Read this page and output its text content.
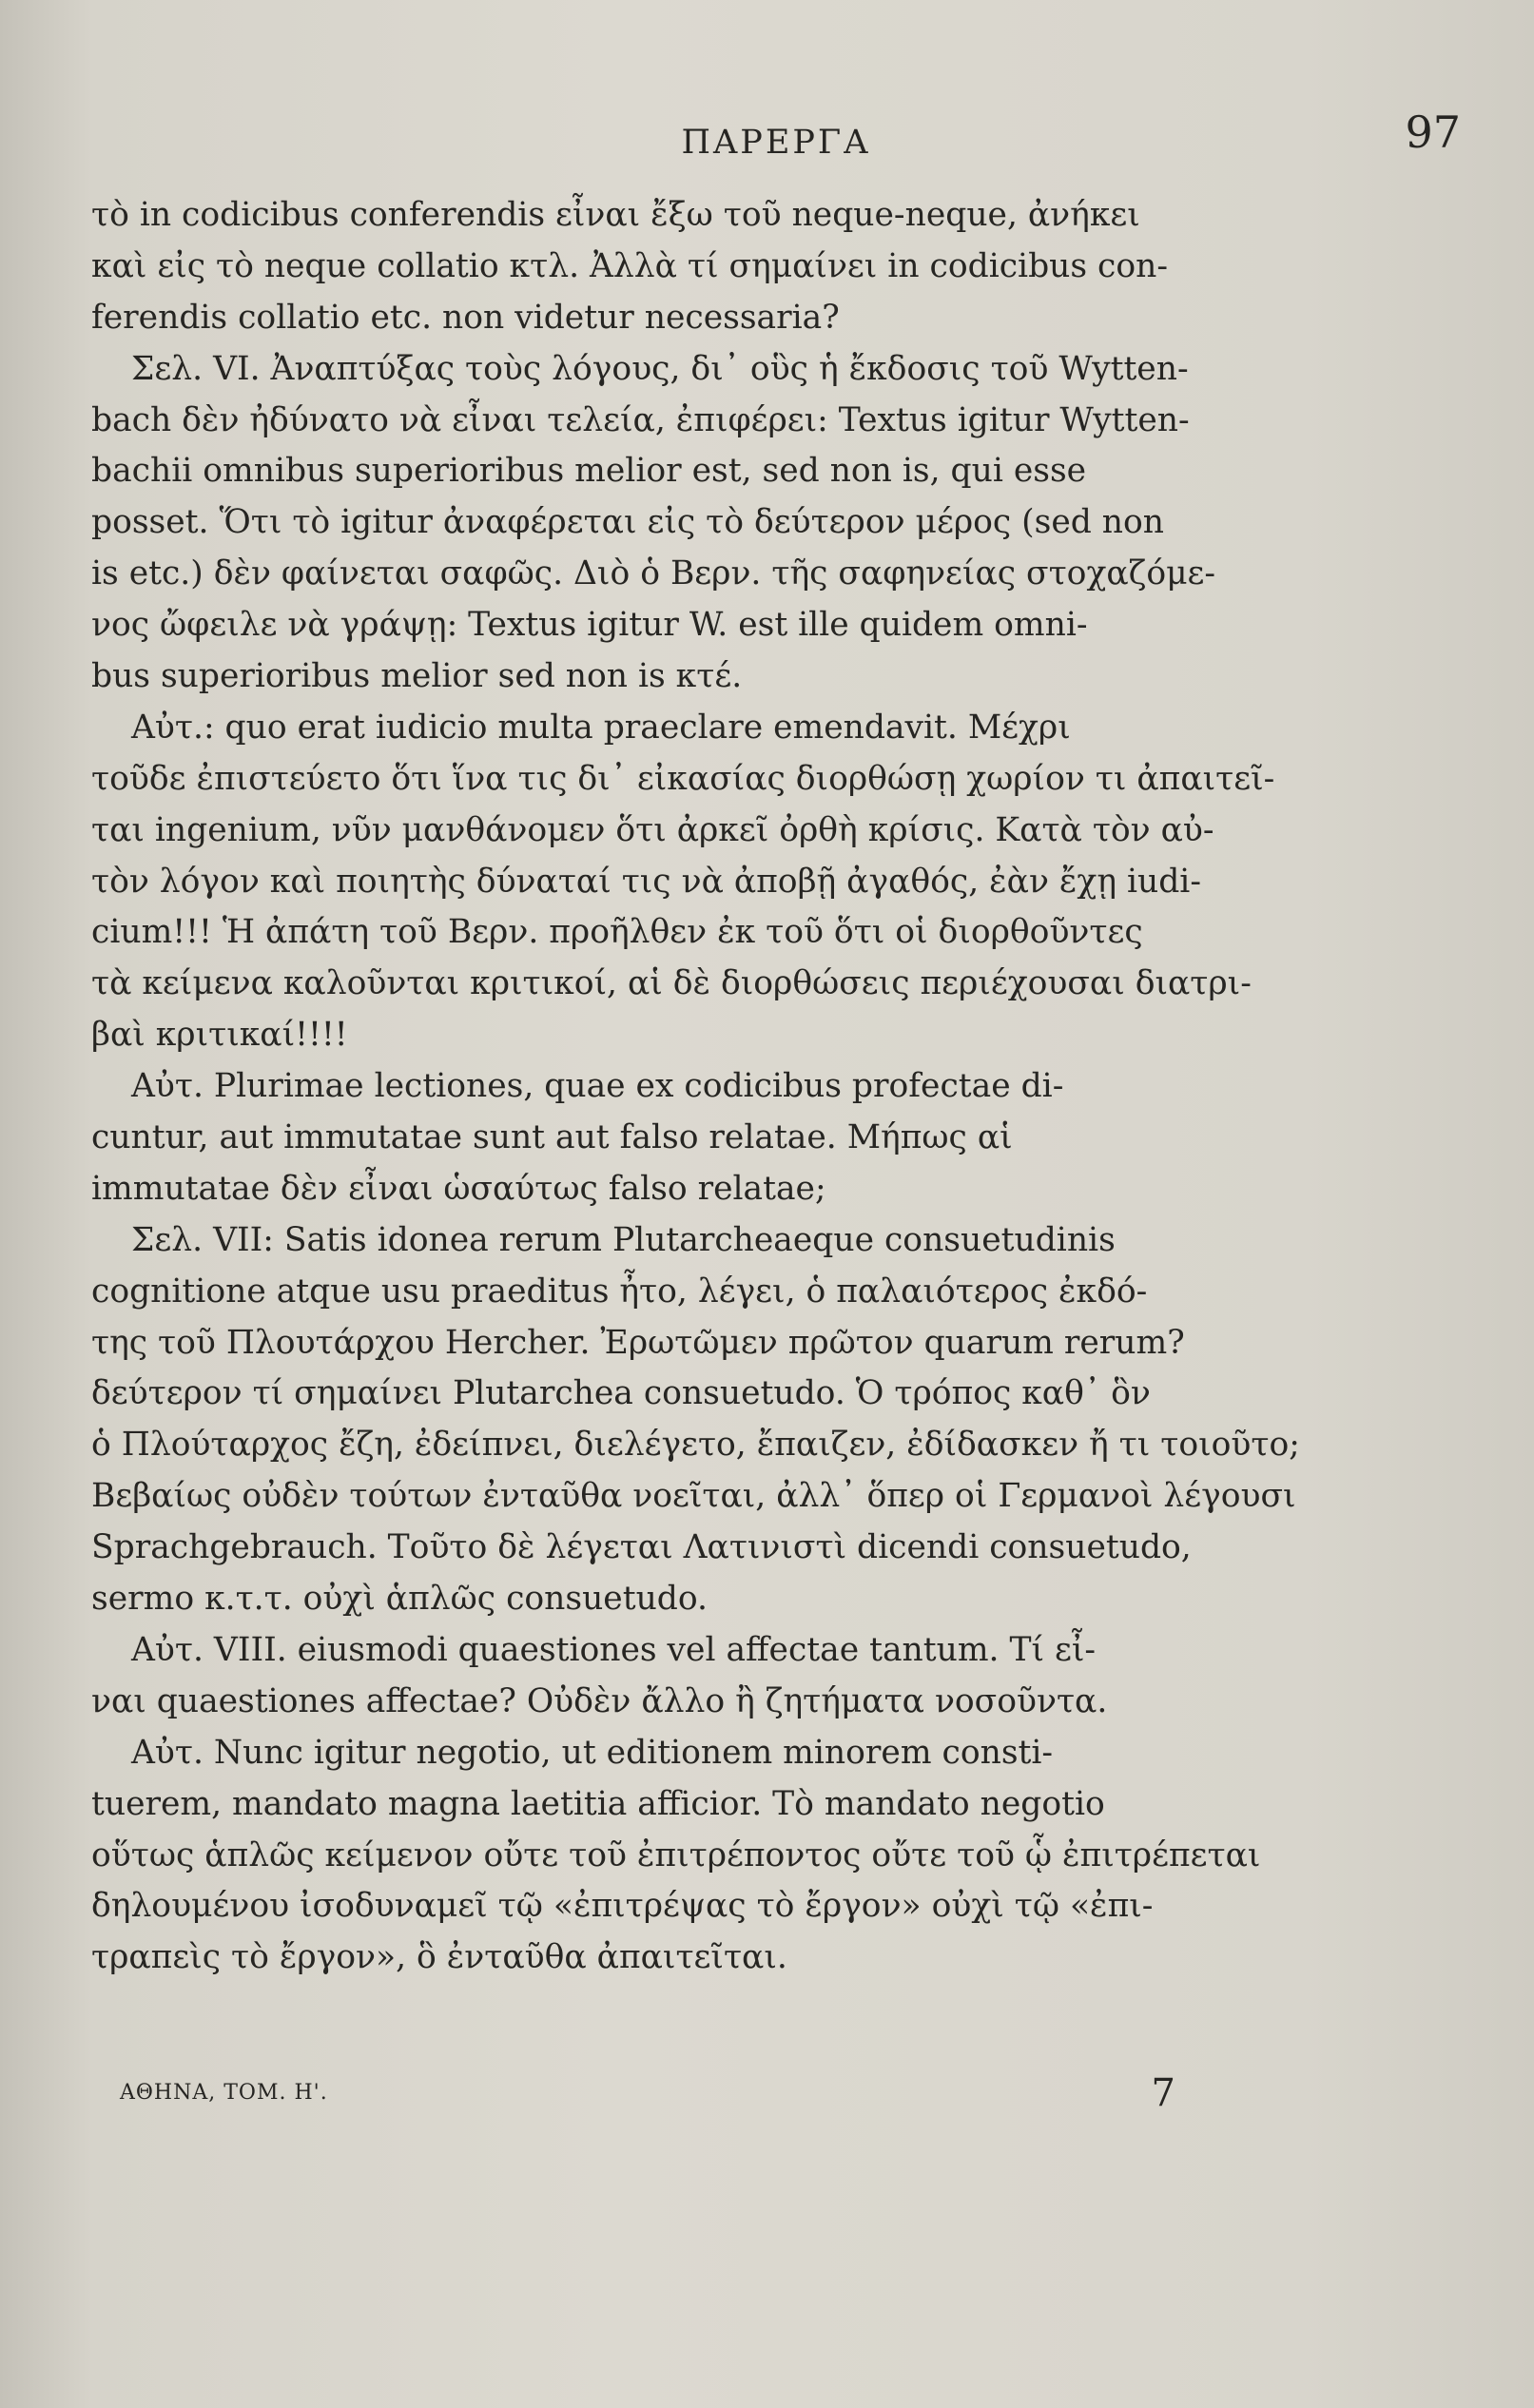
ΠΑΡΕΡΓΑ	97
τὸ in codicibus conferendis εἶναι ἔξω τοῦ neque-neque, ἀνήκει
καὶ εἰς τὸ neque collatio κτλ. Ἀλλὰ τί σημαίνει in codicibus con-
ferendis collatio etc. non videtur necessaria?
Σελ. VI. Ἀναπτύξας τοὺς λόγους, δι᾽ οὓς ἡ ἔκδοσις τοῦ Wytten-
bach δὲν ἠδύνατο νὰ εἶναι τελεία, ἐπιφέρει: Textus igitur Wytten-
bachii omnibus superioribus melior est, sed non is, qui esse
posset. Ὅτι τὸ igitur ἀναφέρεται εἰς τὸ δεύτερον μέρος (sed non
is etc.) δὲν φαίνεται σαφῶς. Διὸ ὁ Βερν. τῆς σαφηνείας στοχαζόμε-
νος ὤφειλε νὰ γράψῃ: Textus igitur W. est ille quidem omni-
bus superioribus melior sed non is κτέ.
Αὐτ.: quo erat iudicio multa praeclare emendavit. Μέχρι
τοῦδε ἐπιστεύετο ὅτι ἵνα τις δι᾽ εἰκασίας διορθώσῃ χωρίον τι ἀπαιτεῖ-
ται ingenium, νῦν μανθάνομεν ὅτι ἀρκεῖ ὀρθὴ κρίσις. Κατὰ τὸν αὐ-
τὸν λόγον καὶ ποιητὴς δύναταί τις νὰ ἀποβῇ ἀγαθός, ἐὰν ἔχῃ iudi-
cium!!! Ἡ ἀπάτη τοῦ Βερν. προῆλθεν ἐκ τοῦ ὅτι οἱ διορθοῦντες
τὰ κείμενα καλοῦνται κριτικοί, αἱ δὲ διορθώσεις περιέχουσαι διατρι-
βαὶ κριτικαί!!!!
Αὐτ. Plurimae lectiones, quae ex codicibus profectae di-
cuntur, aut immutatae sunt aut falso relatae. Μήπως αἱ
immutatae δὲν εἶναι ὡσαύτως falso relatae;
Σελ. VII: Satis idonea rerum Plutarcheaeque consuetudinis
cognitione atque usu praeditus ἦτο, λέγει, ὁ παλαιότερος ἐκδό-
της τοῦ Πλουτάρχου Hercher. Ἐρωτῶμεν πρῶτον quarum rerum?
δεύτερον τί σημαίνει Plutarchea consuetudo. Ὁ τρόπος καθ᾽ ὃν
ὁ Πλούταρχος ἔζη, ἐδείπνει, διελέγετο, ἔπαιζεν, ἐδίδασκεν ἤ τι τοιοῦτο;
Βεβαίως οὐδὲν τούτων ἐνταῦθα νοεῖται, ἀλλ᾽ ὅπερ οἱ Γερμανοὶ λέγουσι
Sprachgebrauch. Τοῦτο δὲ λέγεται Λατινιστὶ dicendi consuetudo,
sermo κ.τ.τ. οὐχὶ ἁπλῶς consuetudo.
Αὐτ. VIII. eiusmodi quaestiones vel affectae tantum. Τί εἶ-
ναι quaestiones affectae? Οὐδὲν ἄλλο ἢ ζητήματα νοσοῦντα.
Αὐτ. Nunc igitur negotio, ut editionem minorem consti-
tuerem, mandato magna laetitia afficior. Τὸ mandato negotio
οὕτως ἁπλῶς κείμενον οὔτε τοῦ ἐπιτρέποντος οὔτε τοῦ ᾧ ἐπιτρέπεται
δηλουμένου ἰσοδυναμεῖ τῷ «ἐπιτρέψας τὸ ἔργον» οὐχὶ τῷ «ἐπι-
τραπεὶς τὸ ἔργον», ὃ ἐνταῦθα ἀπαιτεῖται.
ΑΘΗΝΑ, ΤΟΜ. Η'.	7
